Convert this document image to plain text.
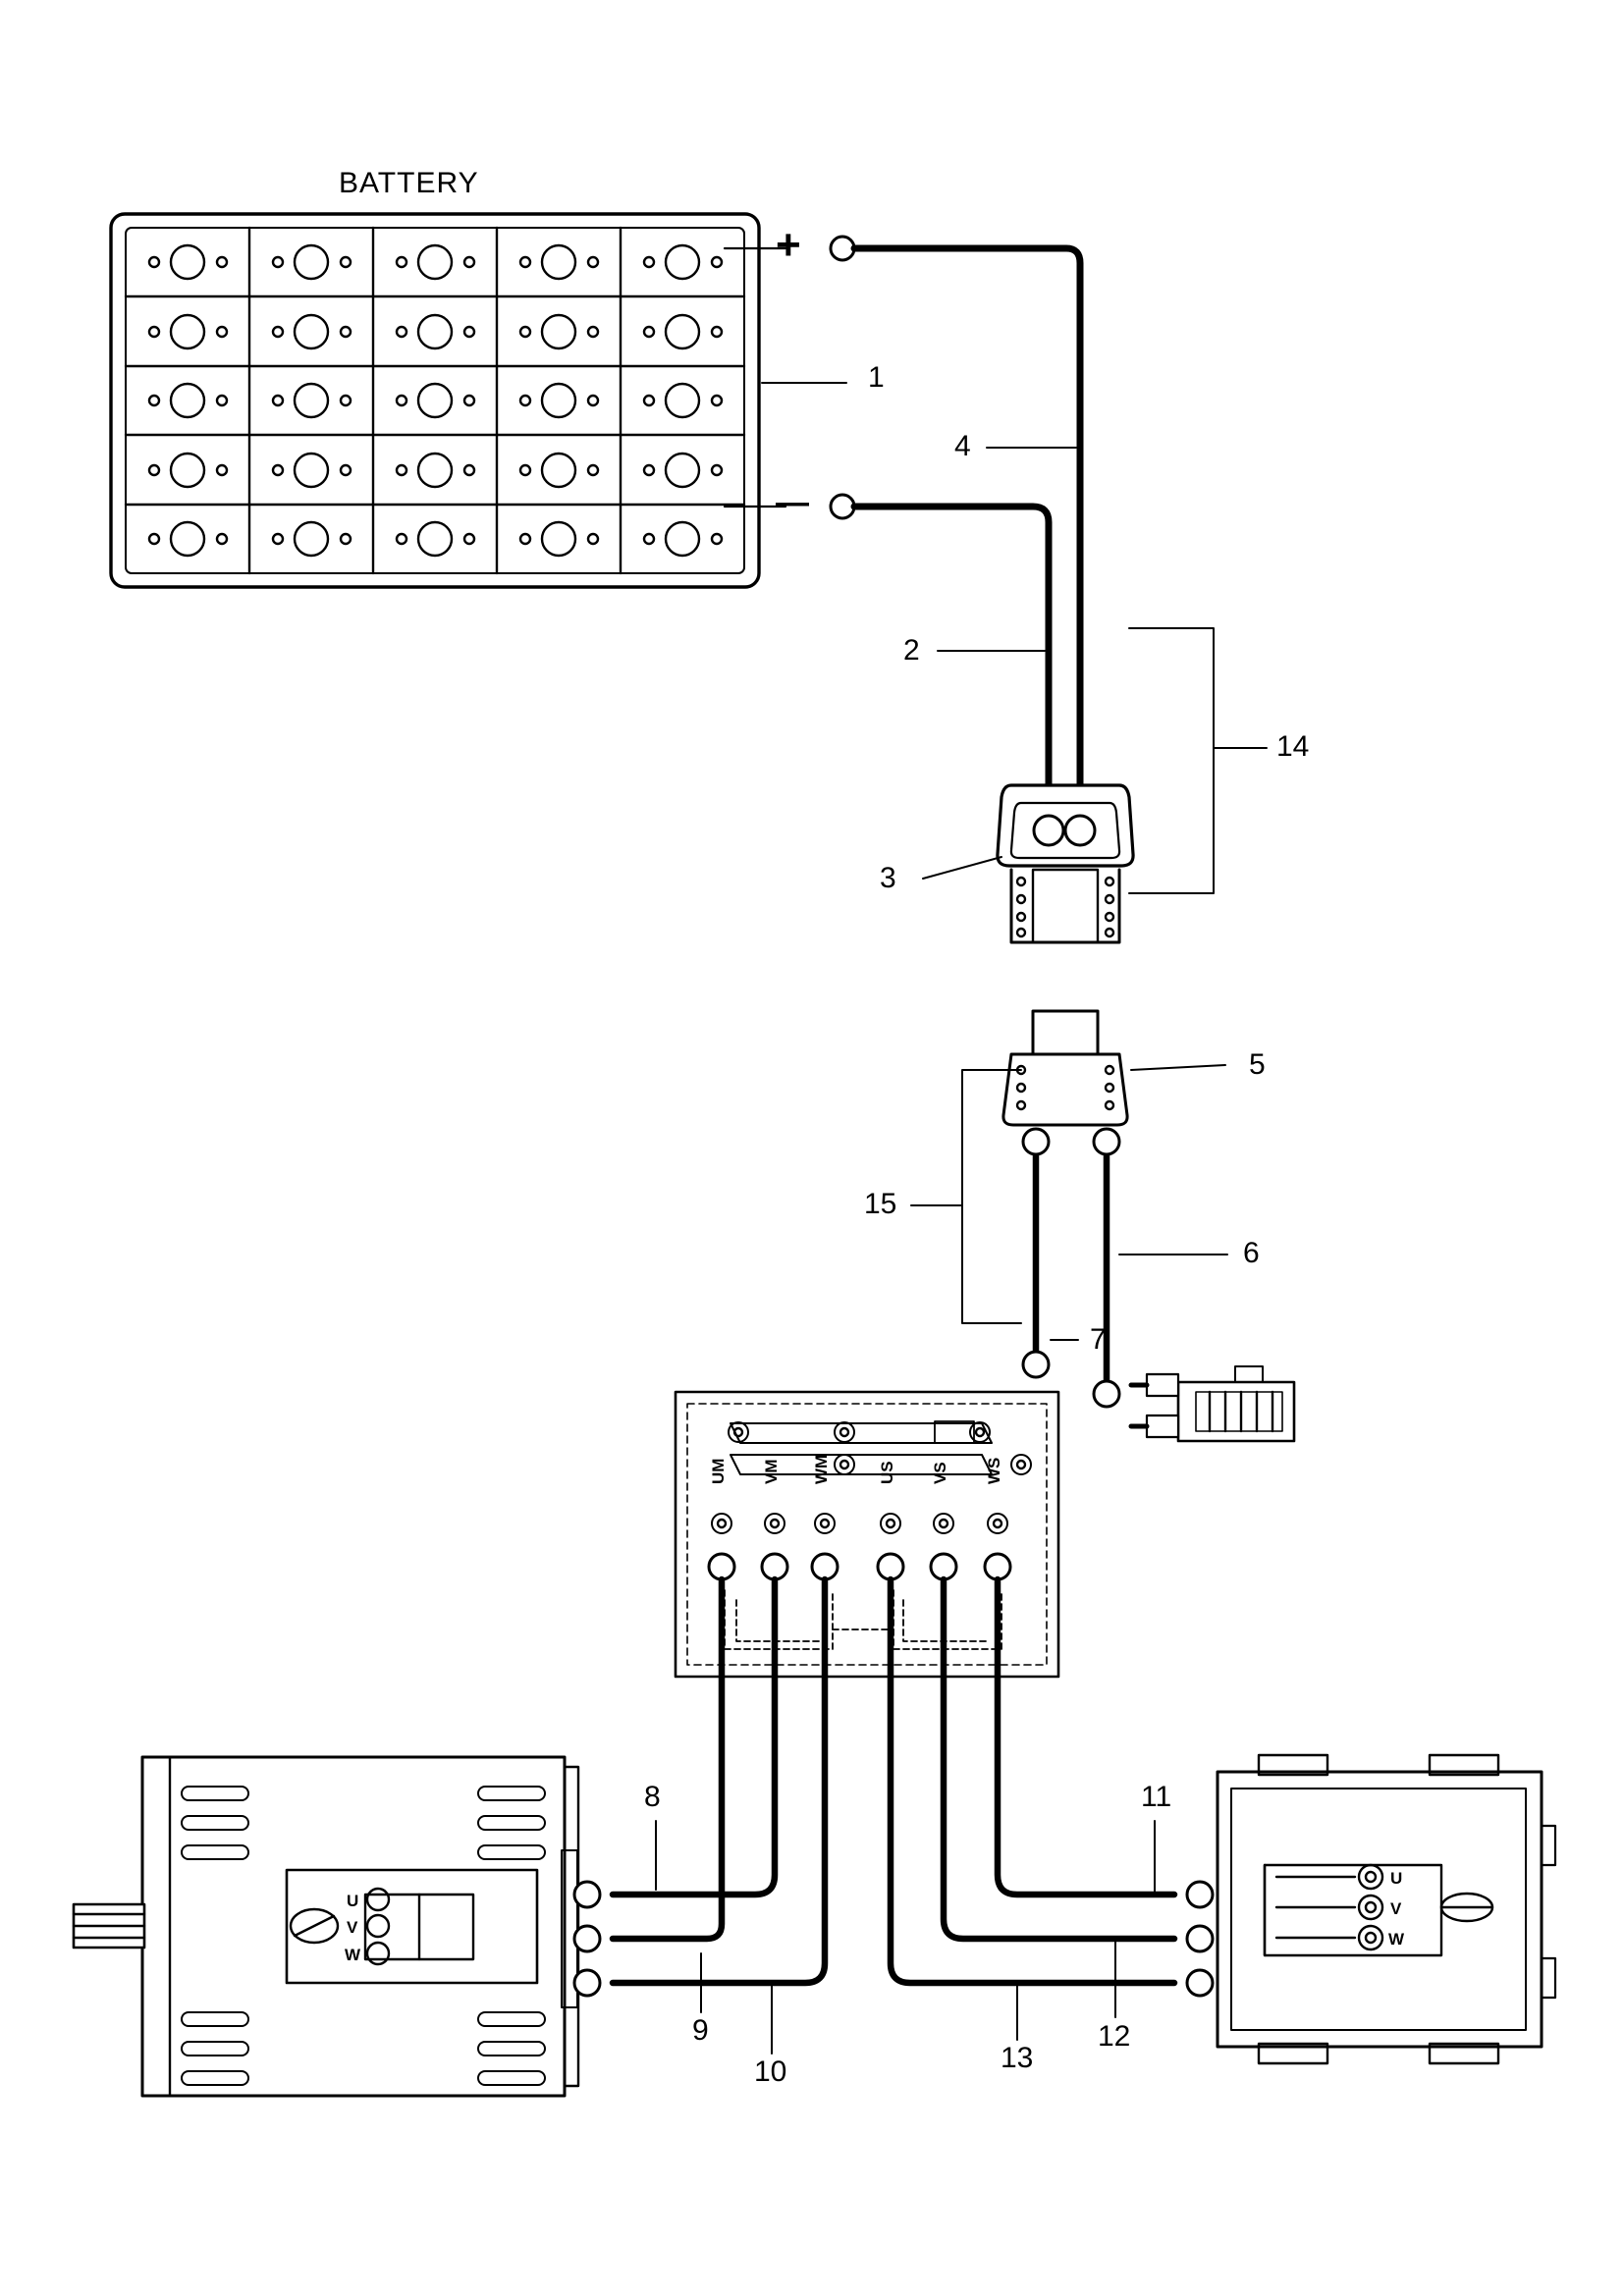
BATTERY
+
—
UM VM WM	US VS WS
U
V
W
U
V
W
1
2
3
4
5
6
7
8
9
10
11
12
13
14
15
